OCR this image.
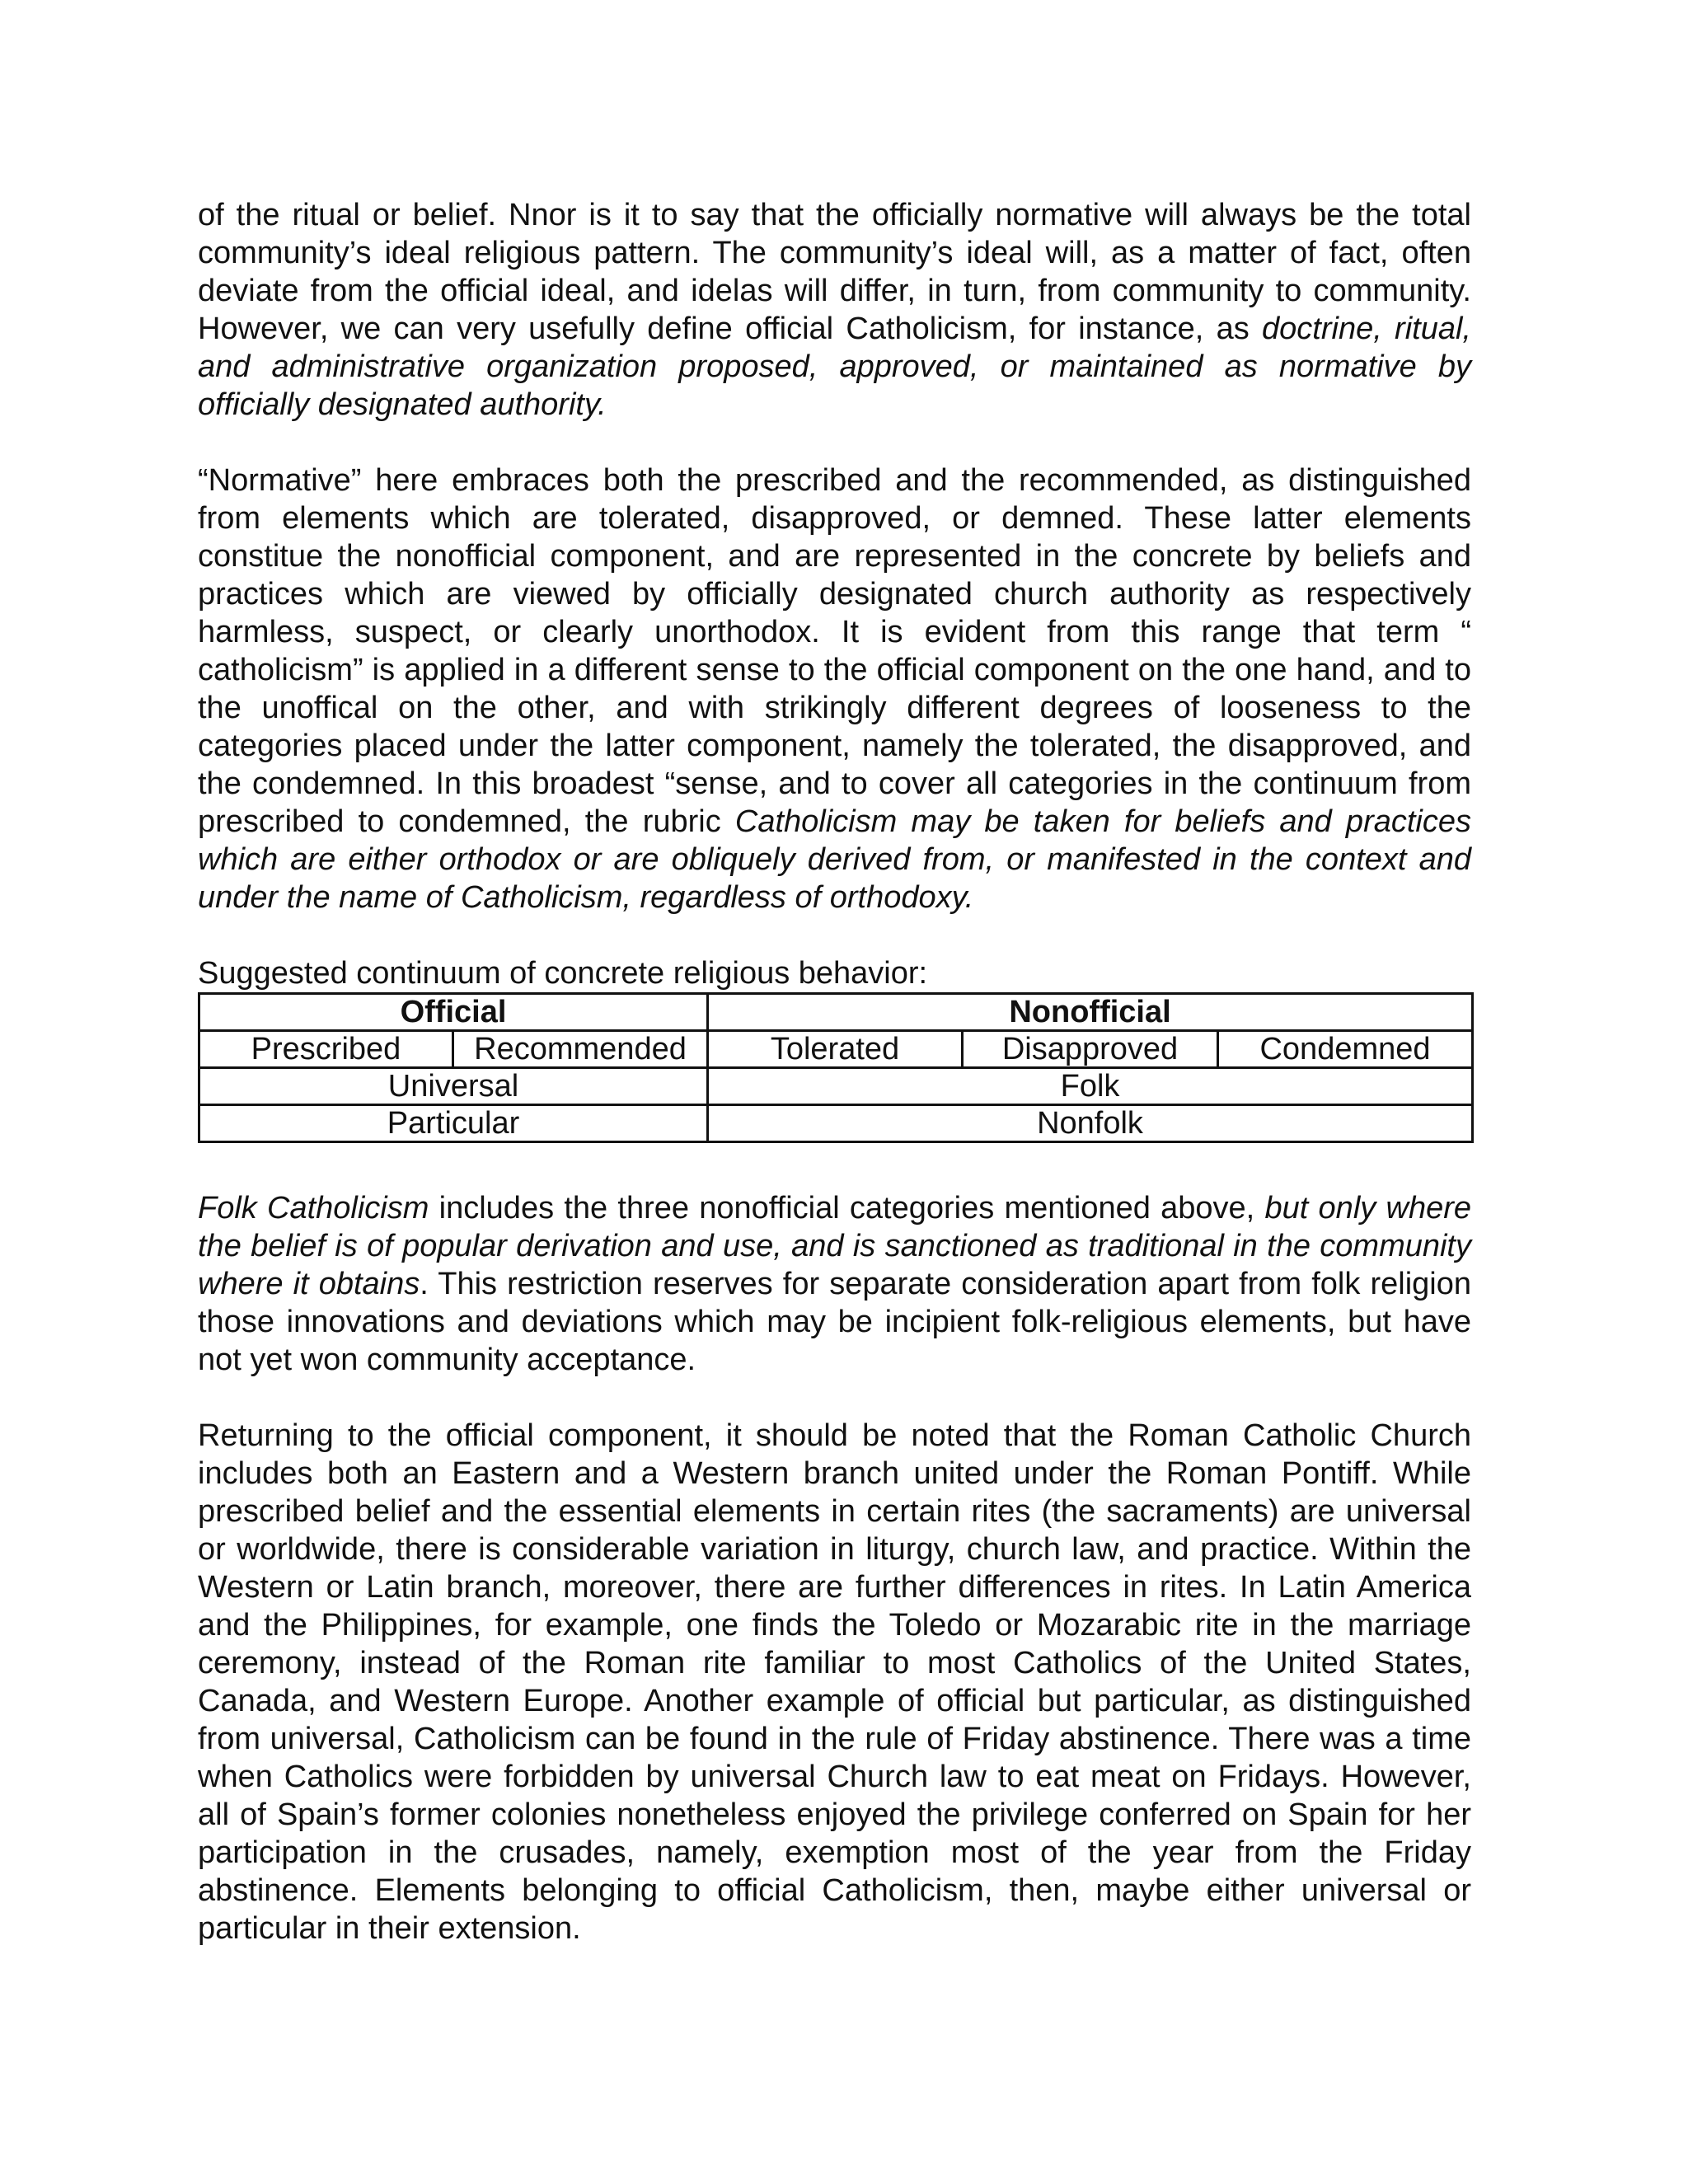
of the ritual or belief. Nnor is it to say that the officially normative will always be the total community’s ideal religious pattern. The community’s ideal will, as a matter of fact, often deviate from the official ideal, and idelas will differ, in turn, from community to community. However, we can very usefully define official Catholicism, for instance, as doctrine, ritual, and administrative organization proposed, approved, or maintained as normative by officially designated authority.

“Normative” here embraces both the prescribed and the recommended, as distinguished from elements which are tolerated, disapproved, or demned. These latter elements constitue the nonofficial component, and are represented in the concrete by beliefs and practices which are viewed by officially designated church authority as respectively harmless, suspect, or clearly unorthodox. It is evident from this range that term “ catholicism” is applied in a different sense to the official component on the one hand, and to the unoffical on the other, and with strikingly different degrees of looseness to the categories placed under the latter component, namely the tolerated, the disapproved, and the condemned. In this broadest “sense, and to cover all categories in the continuum from prescribed to condemned, the rubric Catholicism may be taken for beliefs and practices which are either orthodox or are obliquely derived from, or manifested in the context and under the name of Catholicism, regardless of orthodoxy.

Suggested continuum of concrete religious behavior:

Official		Nonofficial		
Prescribed	Recommended	Tolerated	Disapproved	Condemned
Universal		Folk		
Particular		Nonfolk		

Folk Catholicism includes the three nonofficial categories mentioned above, but only where the belief is of popular derivation and use, and is sanctioned as traditional in the community where it obtains. This restriction reserves for separate consideration apart from folk religion those innovations and deviations which may be incipient folk-religious elements, but have not yet won community acceptance.

Returning to the official component, it should be noted that the Roman Catholic Church includes both an Eastern and a Western branch united under the Roman Pontiff. While prescribed belief and the essential elements in certain rites (the sacraments) are universal or worldwide, there is considerable variation in liturgy, church law, and practice. Within the Western or Latin branch, moreover, there are further differences in rites. In Latin America and the Philippines, for example, one finds the Toledo or Mozarabic rite in the marriage ceremony, instead of the Roman rite familiar to most Catholics of the United States, Canada, and Western Europe. Another example of official but particular, as distinguished from universal, Catholicism can be found in the rule of Friday abstinence. There was a time when Catholics were forbidden by universal Church law to eat meat on Fridays. However, all of Spain’s former colonies nonetheless enjoyed the privilege conferred on Spain for her participation in the crusades, namely, exemption most of the year from the Friday abstinence. Elements belonging to official Catholicism, then, maybe either universal or particular in their extension.
